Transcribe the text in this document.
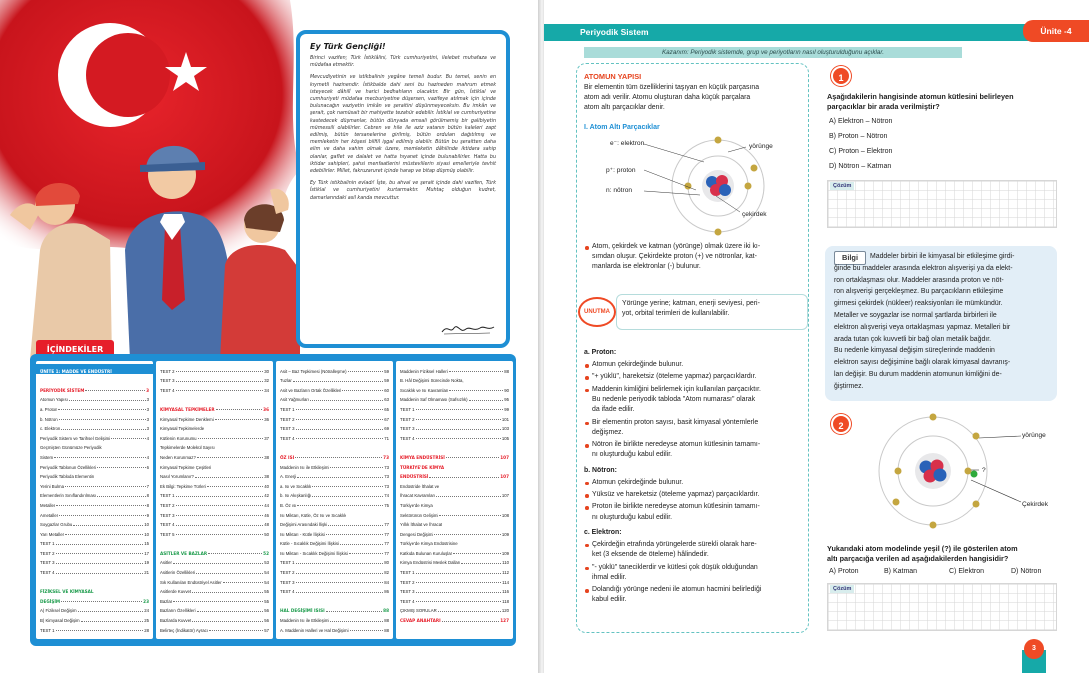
Ey Türk Gençliği!

Birinci vazifen; Türk İstiklâlini, Türk cumhuriyetini, ilelebet muhafaza ve müdafaa etmektir.

Mevcudiyetinin ve istikbalinin yegâne temeli budur. Bu temel, senin en kıymetli hazinendir. İstikbalde dahi seni bu hazineden mahrum etmek isteyecek dâhilî ve harici bedhahların olacaktır. Bir gün, İstiklal ve cumhuriyeti müdafaa mecburiyetine düşersen, vazifeye atılmak için içinde bulunacağın vaziyetin imkân ve şeraitini düşünmeyeceksin. Bu imkân ve şerait, çok namüsait bir mahiyette tezahür edebilir. İstiklal ve cumhuriyetine kastedecek düşmanlar, bütün dünyada emsali görülmemiş bir galibiyetin mümessili olabilirler. Cebren ve hile ile aziz vatanın bütün kaleleri zapt edilmiş, bütün tersanelerine girilmiş, bütün orduları dağıtılmış ve memleketin her köşesi bilfiil işgal edilmiş olabilir. Bütün bu şeraitten daha elim ve daha vahim olmak üzere, memleketin dâhilinde iktidara sahip olanlar, gaflet ve dalalet ve hatta hıyanet içinde bulunabilirler. Hatta bu iktidar sahipleri, şahsi menfaatlerini müstevlilerin siyasi emelleriyle tevhit edebilirler. Millet, fakruzaruret içinde harap ve bitap düşmüş olabilir.

Ey Türk istikbalinin evladı! İşte, bu ahval ve şerait içinde dahi vazifen, Türk İstiklal ve cumhuriyetini kurtarmaktır. Muhtaç olduğun kudret, damarlarındaki asil kanda mevcuttur.

İÇİNDEKİLER
ÜNİTE 1: MADDE VE ENDÜSTRİ
PERİYODİK SİSTEM	3
Atomun Yapısı	3
a. Proton	3
b. Nötron	3
c. Elektron	3
Periyodik Sistem ve Tarihsel Gelişimi	4
Geçmişten Günümüze Periyodik
Sistem	4
Periyodik Tablonun Özellikleri	6
Periyodik Tabloda Elementin
Yerini Bulma	7
Elementlerin Sınıflandırılması	8
Metaller	8
Ametaller	9
Soygazlar Grubu	10
Yarı Metaller	10
TEST 1	15
TEST 2	17
TEST 3	19
TEST 4	21
FİZİKSEL VE KİMYASAL
DEĞİŞİM	23
A) Fiziksel Değişim	24
B) Kimyasal Değişim	25
TEST 1	28
TEST 2	30
TEST 3	32
TEST 4	34
KİMYASAL TEPKİMELER	36
Kimyasal Tepkime Denklemi	36
Kimyasal Tepkimelerde
Kütlenin Korunumu	37
Tepkimelerde Molekül Sayısı
Neden Korunmaz?	38
Kimyasal Tepkime Çeşitleri
Nasıl Yorumlanır?	38
Ek Bilgi: Tepkime Türleri	40
TEST 1	42
TEST 2	44
TEST 3	46
TEST 4	48
TEST 5	50
ASİTLER VE BAZLAR	52
Asitler	53
Asitlerin Özellikleri	54
Sık Kullanılan Endüstriyel Asitler	54
Asitlerde Kuvvet	55
Bazlar	55
Bazların Özellikleri	56
Bazlarda Kuvvet	56
Belirteç (İndikatör) Ayracı	57
Asit – Baz Tepkimesi (Nötralleşme)	59
Tuzlar	59
Asit ve Bazların Ortak Özellikleri	60
Asit Yağmurları	63
TEST 1	65
TEST 2	67
TEST 3	69
TEST 4	71
ÖZ ISI	73
Maddenin Isı ile Etkileşimi	73
A. Enerji	73
a. Isı ve Sıcaklık	73
b. Isı Akışkanlığı	74
B. Öz ısı	75
Isı Miktarı, Kütle, Öz Isı ve Sıcaklık
Değişimi Arasındaki İlişki	77
Isı Miktarı - Kütle İlişkisi	77
Kütle - Sıcaklık Değişimi İlişkisi	77
Isı Miktarı - Sıcaklık Değişimi İlişkisi	77
TEST 1	80
TEST 2	82
TEST 3	84
TEST 4	86
HAL DEĞİŞİMİ ISISI	88
Maddenin Isı ile Etkileşimi	88
A. Maddenin Halleri ve Hal Değişimi	88
Maddenin Fiziksel Halleri	88
B. Hâl Değişimi Sürecinde Nokta,
Sıcaklık ve Isı Kavramları	90
Maddenin Saf Olmaması (Safsızlık)	95
TEST 1	99
TEST 2	101
TEST 3	103
TEST 4	105
KİMYA ENDÜSTRİSİ	107
TÜRKİYE'DE KİMYA
ENDÜSTRİSİ	107
Endüstride İthalat ve
İhracat Kavramları	107
Türkiye'de Kimya
Sektörünün Gelişimi	108
Yıllık İthalat ve İhracat
Dengesi Değişimi	109
Türkiye'de Kimya Endüstrisine
Katkıda Bulunan Kuruluşlar	109
Kimya Endüstrisi Meslek Dalları	110
TEST 1	112
TEST 2	114
TEST 3	116
TEST 4	118
ÇIKMIŞ SORULAR	120
CEVAP ANAHTARI	127
Periyodik Sistem	Ünite -4
Kazanım: Periyodik sistemde, grup ve periyotların nasıl oluşturulduğunu açıklar.
ATOMUN YAPISI
Bir elementin tüm özelliklerini taşıyan en küçük parçasına
atom adı verilir. Atomu oluşturan daha küçük parçalara
atom altı parçacıklar denir.
I. Atom Altı Parçacıklar
e⁻: elektron
p⁺: proton
n: nötron
yörünge
çekirdek
Atom, çekirdek ve katman (yörünge) olmak üzere iki kı-
sımdan oluşur. Çekirdekte proton (+) ve nötronlar, kat-
manlarda ise elektronlar (-) bulunur.
UNUTMA
Yörünge yerine; katman, enerji seviyesi, peri-
yot, orbital terimleri de kullanılabilir.
1
Aşağıdakilerin hangisinde atomun kütlesini belirleyen
parçacıklar bir arada verilmiştir?
A) Elektron – Nötron
B) Proton – Nötron
C) Proton – Elektron
D) Nötron – Katman
Çözüm
Bilgi
2
yörünge
?
Çekirdek
Yukarıdaki atom modelinde yeşil (?) ile gösterilen atom
altı parçacığa verilen ad aşağıdakilerden hangisidir?
A) Proton	B) Katman	C) Elektron	D) Nötron
Çözüm
3
a. Proton:
Atomun çekirdeğinde bulunur.
"+ yüklü", hareketsiz (öteleme yapmaz) parçacıklardır.
Maddenin kimliğini belirlemek için kullanılan parçacıktır.
Bu nedenle periyodik tabloda "Atom numarası" olarak
da ifade edilir.
Bir elementin proton sayısı, basit kimyasal yöntemlerle
değişmez.
Nötron ile birlikte neredeyse atomun kütlesinin tamamı-
nı oluşturduğu kabul edilir.
b. Nötron:
Atomun çekirdeğinde bulunur.
Yüksüz ve hareketsiz (öteleme yapmaz) parçacıklardır.
Proton ile birlikte neredeyse atomun kütlesinin tamamı-
nı oluşturduğu kabul edilir.
c. Elektron:
Çekirdeğin etrafında yörüngelerde sürekli olarak hare-
ket (3 eksende de öteleme) hâlindedir.
"- yüklü" taneciklerdir ve kütlesi çok düşük olduğundan
ihmal edilir.
Dolandığı yörünge nedeni ile atomun hacmini belirlediği
kabul edilir.
Maddeler birbiri ile kimyasal bir etkileşime girdi-
ğinde bu maddeler arasında elektron alışverişi ya da elekt-
ron ortaklaşması olur. Maddeler arasında proton ve nöt-
ron alışverişi gerçekleşmez. Bu parçacıkların etkileşime
girmesi çekirdek (nükleer) reaksiyonları ile mümkündür.
Metaller ve soygazlar ise normal şartlarda birbirleri ile
elektron alışverişi veya ortaklaşması yapmaz. Metalleri bir
arada tutan çok kuvvetli bir bağ olan metalik bağdır.
Bu nedenle kimyasal değişim süreçlerinde maddenin
elektron sayısı değişimine bağlı olarak kimyasal davranış-
lan değişir. Bu durum maddenin atomunun kimliğini de-
ğiştirmez.
